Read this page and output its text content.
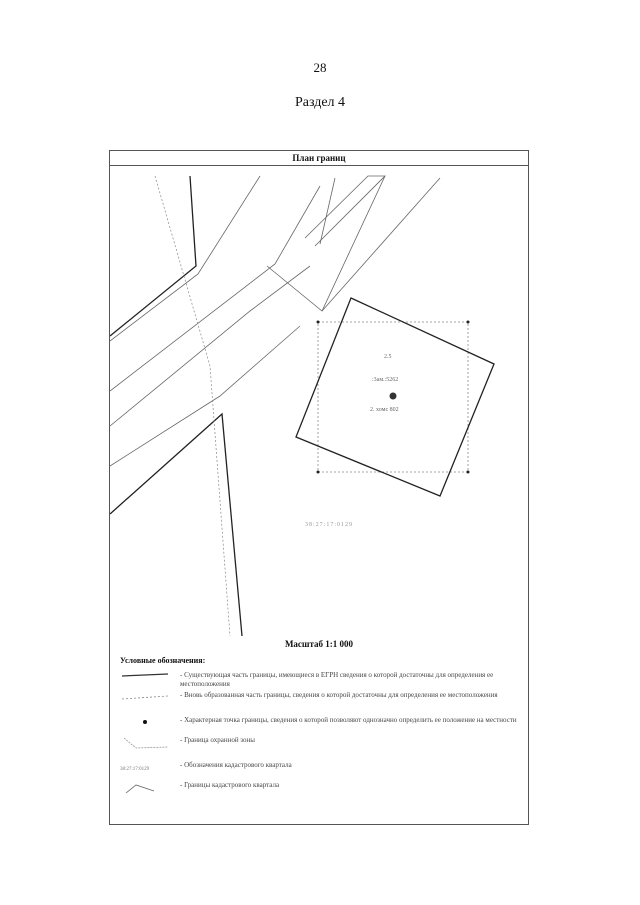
28
Раздел 4
План границ
2.5
:3ам.:5262
2. хомс 802
38:27:17:0129
Масштаб 1:1 000
Условные обозначения:
- Существующая часть границы, имеющиеся в ЕГРН сведения о которой достаточны для определения ее местоположения
- Вновь образованная часть границы, сведения о которой достаточны для определения ее местоположения
- Характерная точка границы, сведения о которой позволяют однозначно определить ее положение на местности
- Граница охранной зоны
38:27:17:0129
- Обозначения кадастрового квартала
- Границы кадастрового квартала
